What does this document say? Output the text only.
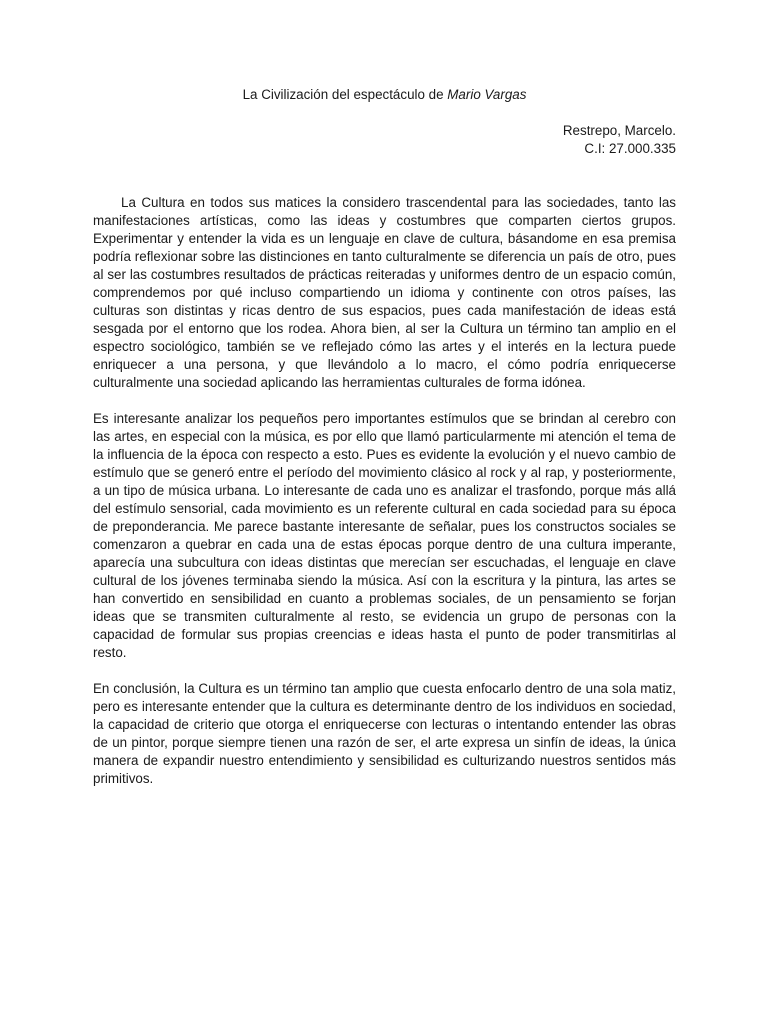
La Civilización del espectáculo de Mario Vargas

Restrepo, Marcelo.
C.I: 27.000.335

La Cultura en todos sus matices la considero trascendental para las sociedades, tanto las manifestaciones artísticas, como las ideas y costumbres que comparten ciertos grupos. Experimentar y entender la vida es un lenguaje en clave de cultura, básandome en esa premisa podría reflexionar sobre las distinciones en tanto culturalmente se diferencia un país de otro, pues al ser las costumbres resultados de prácticas reiteradas y uniformes dentro de un espacio común, comprendemos por qué incluso compartiendo un idioma y continente con otros países, las culturas son distintas y ricas dentro de sus espacios, pues cada manifestación de ideas está sesgada por el entorno que los rodea. Ahora bien, al ser la Cultura un término tan amplio en el espectro sociológico, también se ve reflejado cómo las artes y el interés en la lectura puede enriquecer a una persona, y que llevándolo a lo macro, el cómo podría enriquecerse culturalmente una sociedad aplicando las herramientas culturales de forma idónea.

Es interesante analizar los pequeños pero importantes estímulos que se brindan al cerebro con las artes, en especial con la música, es por ello que llamó particularmente mi atención el tema de la influencia de la época con respecto a esto. Pues es evidente la evolución y el nuevo cambio de estímulo que se generó entre el período del movimiento clásico al rock y al rap, y posteriormente, a un tipo de música urbana. Lo interesante de cada uno es analizar el trasfondo, porque más allá del estímulo sensorial, cada movimiento es un referente cultural en cada sociedad para su época de preponderancia. Me parece bastante interesante de señalar, pues los constructos sociales se comenzaron a quebrar en cada una de estas épocas porque dentro de una cultura imperante, aparecía una subcultura con ideas distintas que merecían ser escuchadas, el lenguaje en clave cultural de los jóvenes terminaba siendo la música. Así con la escritura y la pintura, las artes se han convertido en sensibilidad en cuanto a problemas sociales, de un pensamiento se forjan ideas que se transmiten culturalmente al resto, se evidencia un grupo de personas con la capacidad de formular sus propias creencias e ideas hasta el punto de poder transmitirlas al resto.

En conclusión, la Cultura es un término tan amplio que cuesta enfocarlo dentro de una sola matiz, pero es interesante entender que la cultura es determinante dentro de los individuos en sociedad, la capacidad de criterio que otorga el enriquecerse con lecturas o intentando entender las obras de un pintor, porque siempre tienen una razón de ser, el arte expresa un sinfín de ideas, la única manera de expandir nuestro entendimiento y sensibilidad es culturizando nuestros sentidos más primitivos.
